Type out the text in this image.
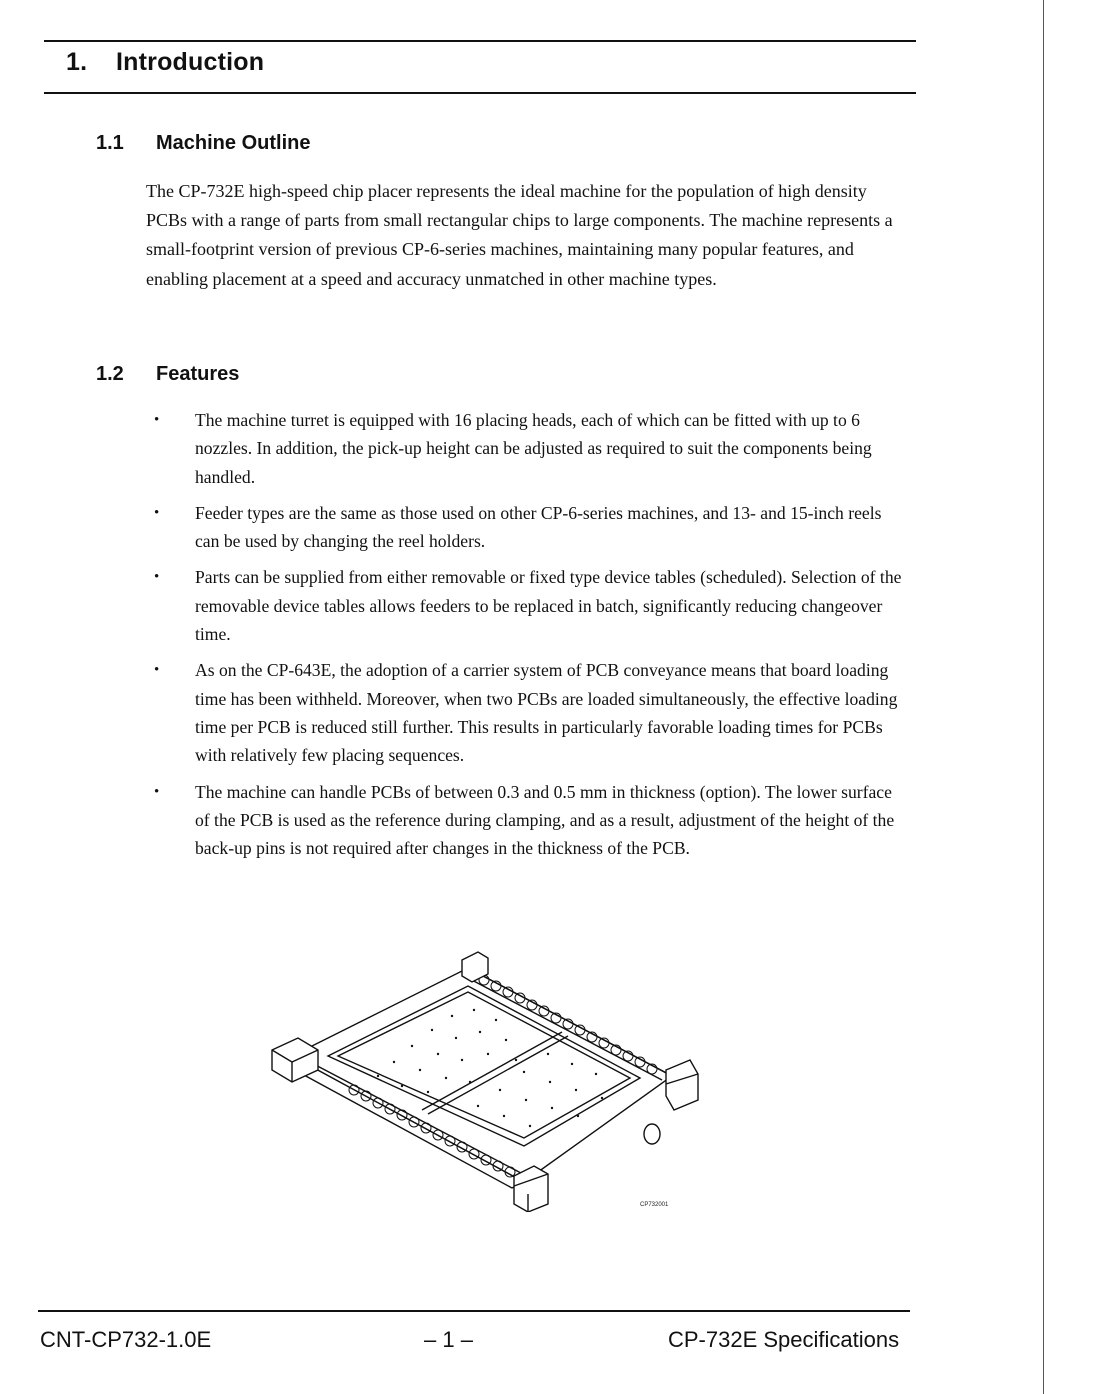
1. Introduction
1.1 Machine Outline
The CP-732E high-speed chip placer represents the ideal machine for the population of high density PCBs with a range of parts from small rectangular chips to large components. The machine represents a small-footprint version of previous CP-6-series machines, maintaining many popular features, and enabling placement at a speed and accuracy unmatched in other machine types.
1.2 Features
• The machine turret is equipped with 16 placing heads, each of which can be fitted with up to 6 nozzles. In addition, the pick-up height can be adjusted as required to suit the components being handled.
• Feeder types are the same as those used on other CP-6-series machines, and 13- and 15-inch reels can be used by changing the reel holders.
• Parts can be supplied from either removable or fixed type device tables (scheduled). Selection of the removable device tables allows feeders to be replaced in batch, significantly reducing changeover time.
• As on the CP-643E, the adoption of a carrier system of PCB conveyance means that board loading time has been withheld. Moreover, when two PCBs are loaded simultaneously, the effective loading time per PCB is reduced still further. This results in particularly favorable loading times for PCBs with relatively few placing sequences.
• The machine can handle PCBs of between 0.3 and 0.5 mm in thickness (option). The lower surface of the PCB is used as the reference during clamping, and as a result, adjustment of the height of the back-up pins is not required after changes in the thickness of the PCB.
CP732001
CNT-CP732-1.0E	– 1 –	CP-732E Specifications
